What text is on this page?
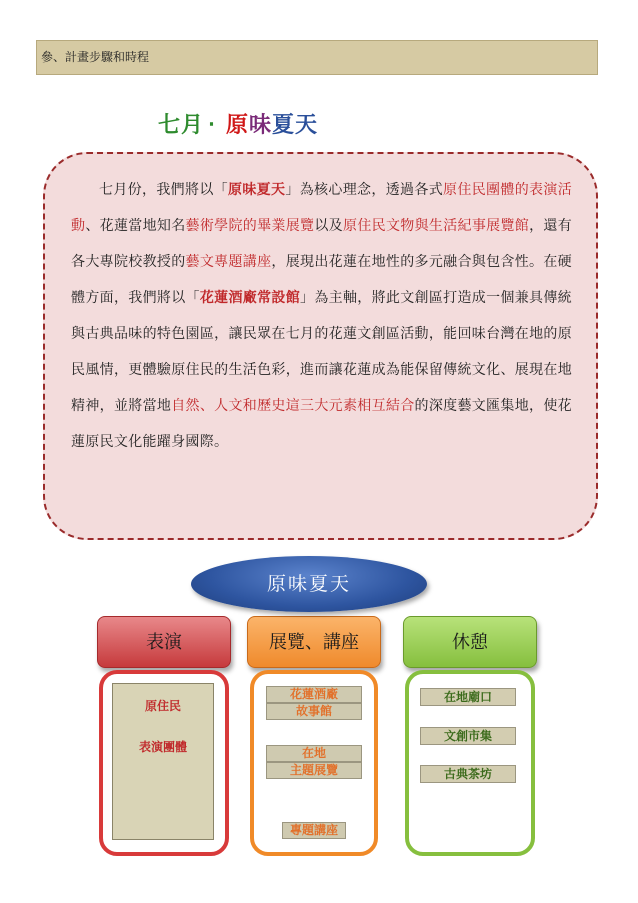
參、計畫步驟和時程
七月 ‧ 原味夏天

七月份，我們將以「原味夏天」為核心理念，透過各式原住民團體的表演活動、花蓮當地知名藝術學院的畢業展覽以及原住民文物與生活紀事展覽館，還有各大專院校教授的藝文專題講座，展現出花蓮在地性的多元融合與包含性。在硬體方面，我們將以「花蓮酒廠常設館」為主軸，將此文創區打造成一個兼具傳統與古典品味的特色園區，讓民眾在七月的花蓮文創區活動，能回味台灣在地的原民風情，更體驗原住民的生活色彩，進而讓花蓮成為能保留傳統文化、展現在地精神，並將當地自然、人文和歷史這三大元素相互結合的深度藝文匯集地，使花蓮原民文化能躍身國際。

原味夏天
表演	展覽、講座	休憩
原住民
表演團體
花蓮酒廠
故事館
在地
主題展覽
專題講座
在地廟口
文創市集
古典茶坊
